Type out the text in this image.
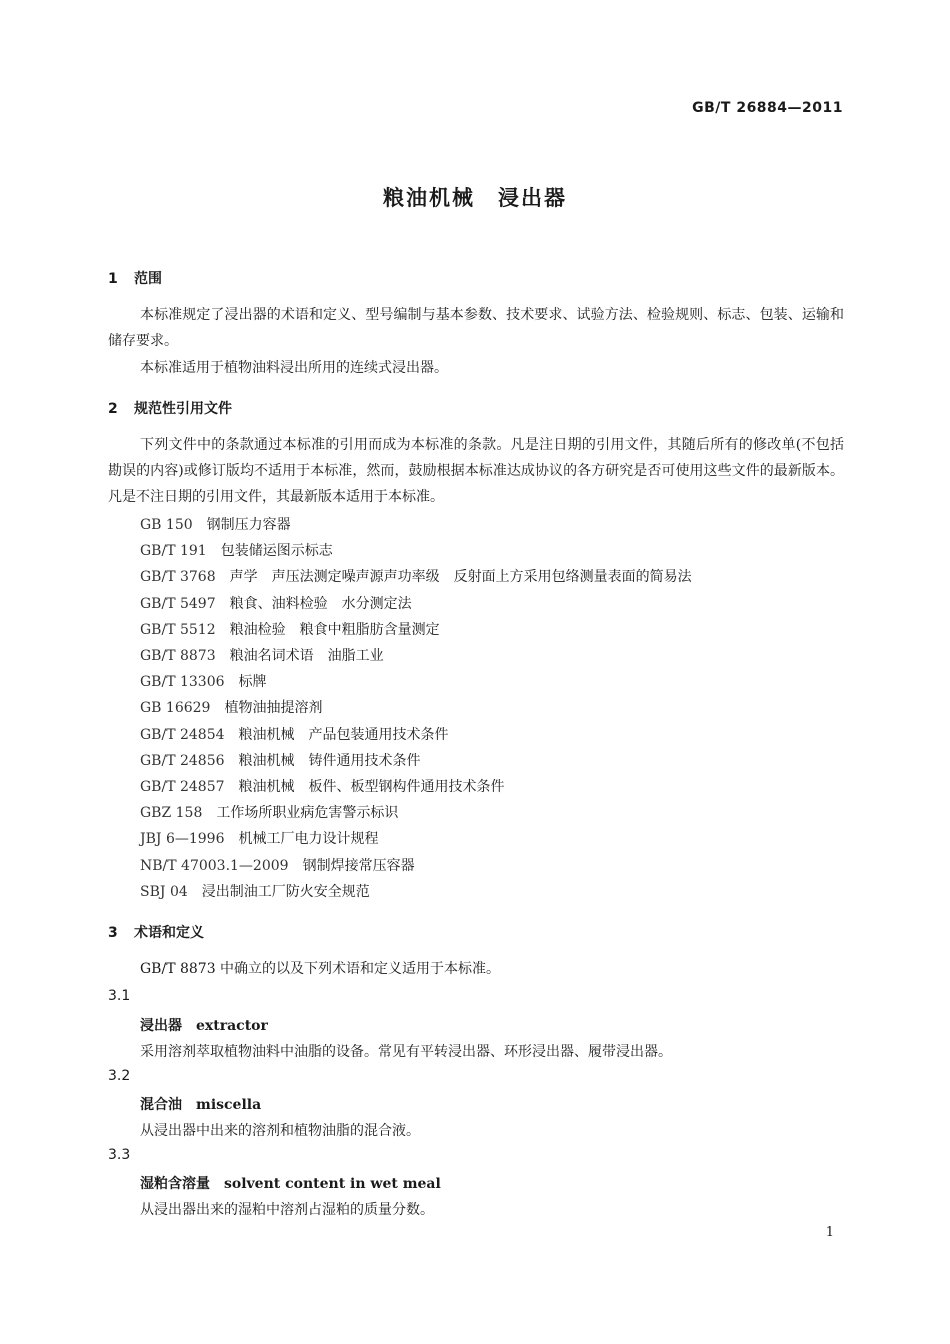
GB/T 26884—2011
粮油机械　浸出器
1 范围
本标准规定了浸出器的术语和定义、型号编制与基本参数、技术要求、试验方法、检验规则、标志、包装、运输和储存要求。
本标准适用于植物油料浸出所用的连续式浸出器。
2 规范性引用文件
下列文件中的条款通过本标准的引用而成为本标准的条款。凡是注日期的引用文件，其随后所有的修改单(不包括勘误的内容)或修订版均不适用于本标准，然而，鼓励根据本标准达成协议的各方研究是否可使用这些文件的最新版本。凡是不注日期的引用文件，其最新版本适用于本标准。
GB 150　 钢制压力容器
GB/T 191　 包装储运图示标志
GB/T 3768　 声学　声压法测定噪声源声功率级　反射面上方采用包络测量表面的简易法
GB/T 5497　 粮食、油料检验　水分测定法
GB/T 5512　 粮油检验　粮食中粗脂肪含量测定
GB/T 8873　 粮油名词术语　油脂工业
GB/T 13306　 标牌
GB 16629　 植物油抽提溶剂
GB/T 24854　 粮油机械　产品包装通用技术条件
GB/T 24856　 粮油机械　铸件通用技术条件
GB/T 24857　 粮油机械　板件、板型钢构件通用技术条件
GBZ 158　 工作场所职业病危害警示标识
JBJ 6—1996　 机械工厂电力设计规程
NB/T 47003.1—2009　 钢制焊接常压容器
SBJ 04　 浸出制油工厂防火安全规范
3 术语和定义
GB/T 8873 中确立的以及下列术语和定义适用于本标准。
3.1
浸出器 extractor
采用溶剂萃取植物油料中油脂的设备。常见有平转浸出器、环形浸出器、履带浸出器。
3.2
混合油 miscella
从浸出器中出来的溶剂和植物油脂的混合液。
3.3
湿粕含溶量 solvent content in wet meal
从浸出器出来的湿粕中溶剂占湿粕的质量分数。
1
